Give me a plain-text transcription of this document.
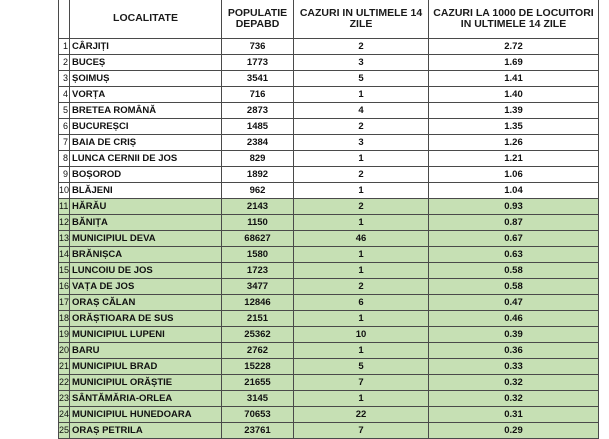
	LOCALITATE	POPULATIE DEPABD	CAZURI IN ULTIMELE 14 ZILE	CAZURI LA 1000 DE LOCUITORI IN ULTIMELE 14 ZILE
1	CÂRJIȚI	736	2	2.72
2	BUCEȘ	1773	3	1.69
3	ȘOIMUȘ	3541	5	1.41
4	VORȚA	716	1	1.40
5	BRETEA ROMÂNĂ	2873	4	1.39
6	BUCUREȘCI	1485	2	1.35
7	BAIA DE CRIȘ	2384	3	1.26
8	LUNCA CERNII DE JOS	829	1	1.21
9	BOȘOROD	1892	2	1.06
10	BLĂJENI	962	1	1.04
11	HĂRĂU	2143	2	0.93
12	BĂNIȚA	1150	1	0.87
13	MUNICIPIUL DEVA	68627	46	0.67
14	BRĂNIȘCA	1580	1	0.63
15	LUNCOIU DE JOS	1723	1	0.58
16	VAȚA DE JOS	3477	2	0.58
17	ORAȘ CĂLAN	12846	6	0.47
18	ORĂȘTIOARA DE SUS	2151	1	0.46
19	MUNICIPIUL LUPENI	25362	10	0.39
20	BARU	2762	1	0.36
21	MUNICIPIUL BRAD	15228	5	0.33
22	MUNICIPIUL ORĂȘTIE	21655	7	0.32
23	SÂNTĂMĂRIA-ORLEA	3145	1	0.32
24	MUNICIPIUL HUNEDOARA	70653	22	0.31
25	ORAȘ PETRILA	23761	7	0.29
